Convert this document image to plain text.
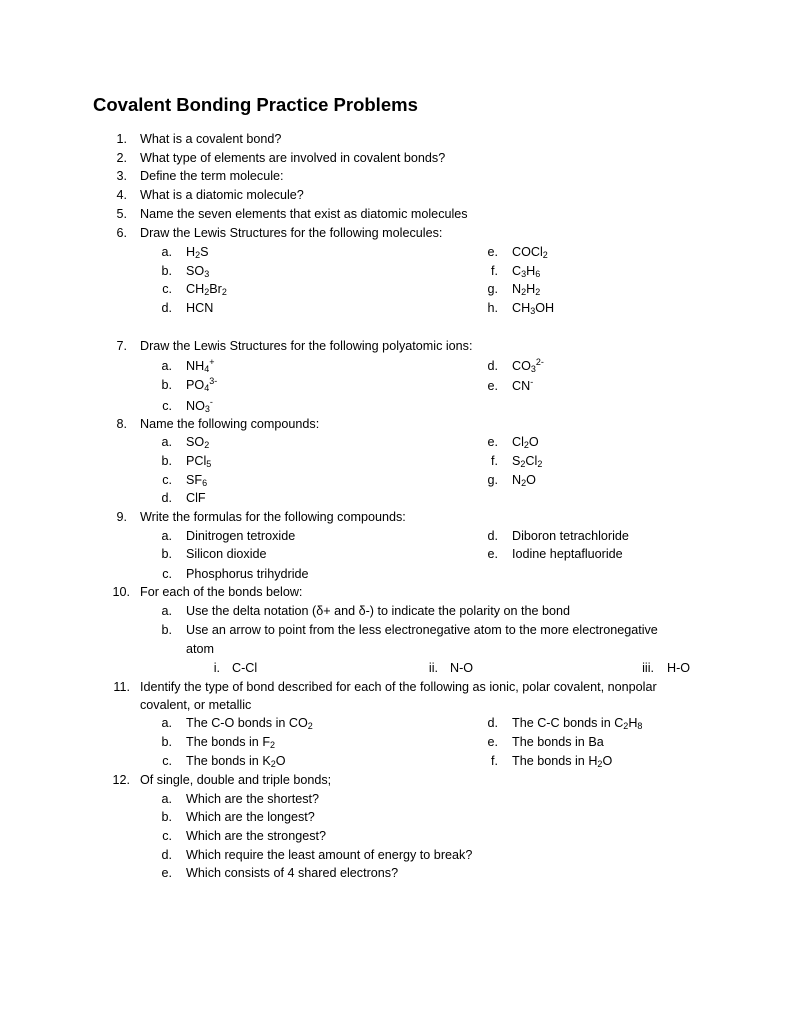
Covalent Bonding Practice Problems
1. What is a covalent bond?
2. What type of elements are involved in covalent bonds?
3. Define the term molecule:
4. What is a diatomic molecule?
5. Name the seven elements that exist as diatomic molecules
6. Draw the Lewis Structures for the following molecules:
a. $H_2S$
b. $SO_3$
c. $CH_2Br_2$
d. HCN
e. COCl$_2$
f. $C_3H_6$
g. $N_2H_2$
h. $CH_3OH$
7. Draw the Lewis Structures for the following polyatomic ions:
a. $NH_4^+$
b. $PO_4^{3-}$
c. $NO_3^-$
d. $CO_3^{2-}$
e. CN-
8. Name the following compounds:
a. $SO_2$
b. PCl$_5$
c. $SF_6$
d. ClF
e. $Cl_2O$
f. $S_2Cl_2$
g. $N_2O$
9. Write the formulas for the following compounds:
a. Dinitrogen tetroxide
b. Silicon dioxide
c. Phosphorus trihydride
d. Diboron tetrachloride
e. Iodine heptafluoride
10. For each of the bonds below:
a. Use the delta notation (δ+ and δ-) to indicate the polarity on the bond
b. Use an arrow to point from the less electronegative atom to the more electronegative
atom
i. C-Cl	ii. N-O	iii. H-O
11. Identify the type of bond described for each of the following as ionic, polar covalent, nonpolar
covalent, or metallic
a. The C-O bonds in $CO_2$
b. The bonds in $F_2$
c. The bonds in $K_2O$
d. The C-C bonds in $C_2H_8$
e. The bonds in Ba
f. The bonds in $H_2O$
12. Of single, double and triple bonds;
a. Which are the shortest?
b. Which are the longest?
c. Which are the strongest?
d. Which require the least amount of energy to break?
e. Which consists of 4 shared electrons?
